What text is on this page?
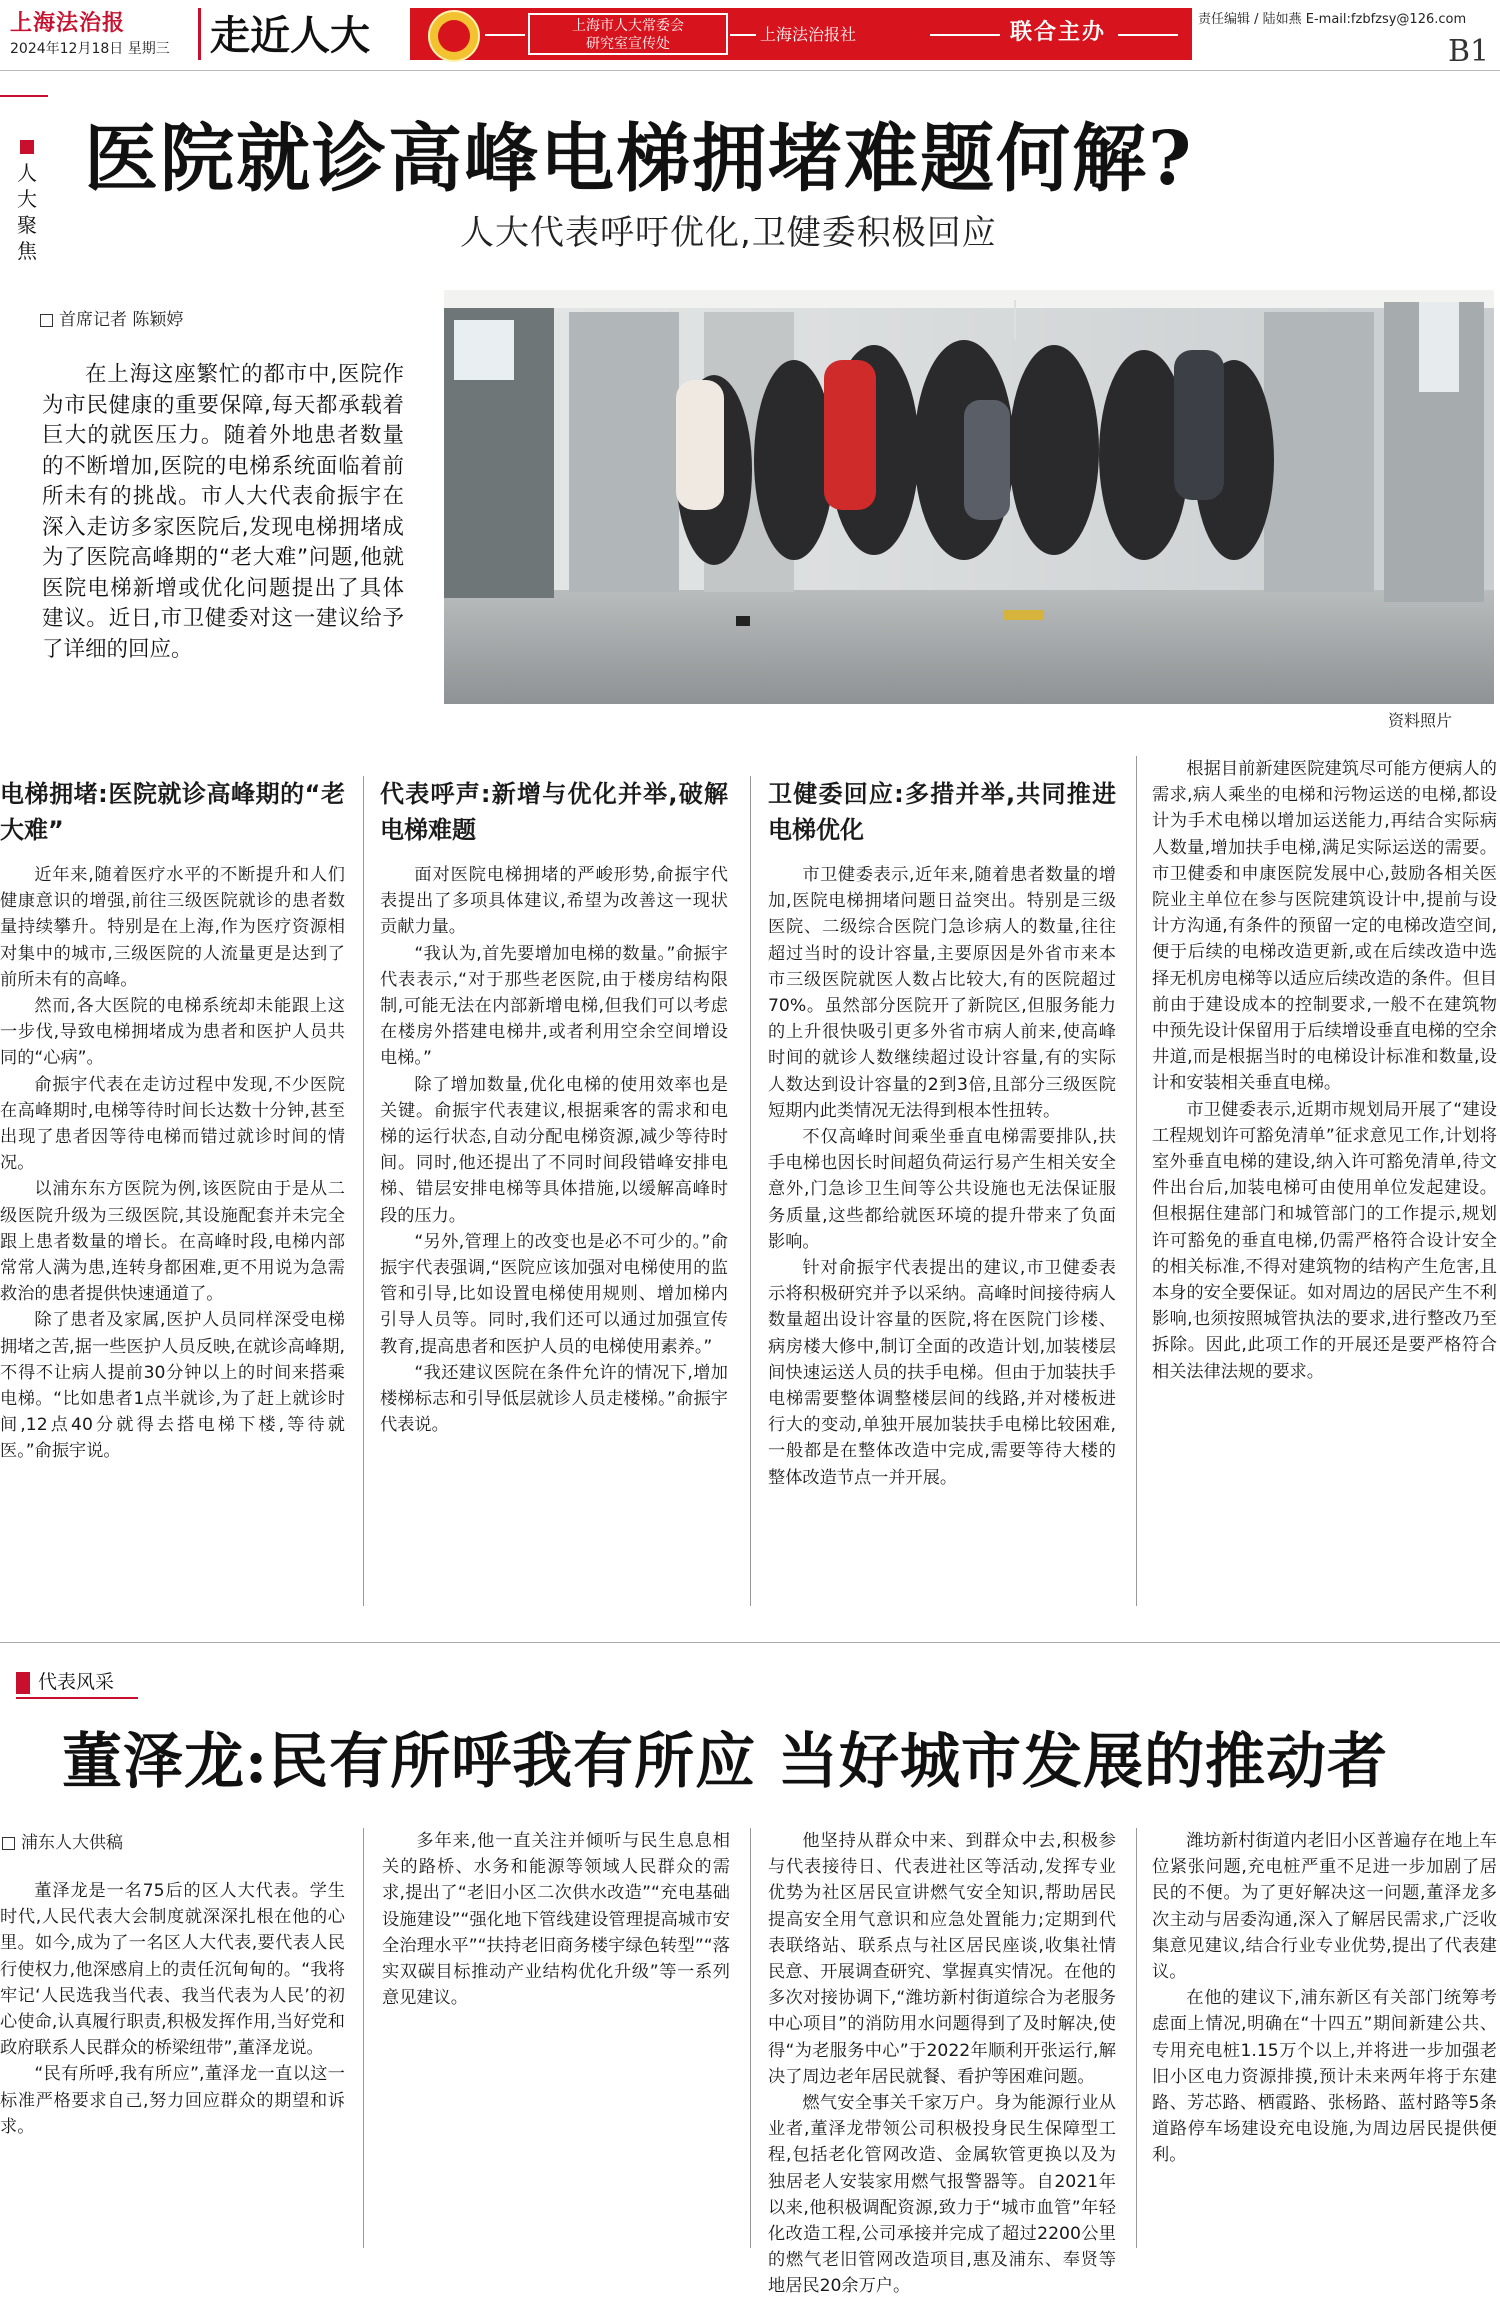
上海法治报
2024年12月18日 星期三 走近人大	上海市人大常委会
研究室宣传处	上海法治报社	联合主办
责任编辑 / 陆如燕 E-mail:fzbfzsy@126.com
B1
人大聚焦
医院就诊高峰电梯拥堵难题何解?
人大代表呼吁优化,卫健委积极回应
首席记者 陈颖婷
在上海这座繁忙的都市中,医院作为市民健康的重要保障,每天都承载着巨大的就医压力。随着外地患者数量的不断增加,医院的电梯系统面临着前所未有的挑战。市人大代表俞振宇在深入走访多家医院后,发现电梯拥堵成为了医院高峰期的“老大难”问题,他就医院电梯新增或优化问题提出了具体建议。近日,市卫健委对这一建议给予了详细的回应。
资料照片
电梯拥堵:医院就诊高峰期的“老大难”

近年来,随着医疗水平的不断提升和人们健康意识的增强,前往三级医院就诊的患者数量持续攀升。特别是在上海,作为医疗资源相对集中的城市,三级医院的人流量更是达到了前所未有的高峰。

然而,各大医院的电梯系统却未能跟上这一步伐,导致电梯拥堵成为患者和医护人员共同的“心病”。

俞振宇代表在走访过程中发现,不少医院在高峰期时,电梯等待时间长达数十分钟,甚至出现了患者因等待电梯而错过就诊时间的情况。

以浦东东方医院为例,该医院由于是从二级医院升级为三级医院,其设施配套并未完全跟上患者数量的增长。在高峰时段,电梯内部常常人满为患,连转身都困难,更不用说为急需救治的患者提供快速通道了。

除了患者及家属,医护人员同样深受电梯拥堵之苦,据一些医护人员反映,在就诊高峰期,不得不让病人提前30分钟以上的时间来搭乘电梯。“比如患者1点半就诊,为了赶上就诊时间,12点40分就得去搭电梯下楼,等待就医。”俞振宇说。

代表呼声:新增与优化并举,破解电梯难题

面对医院电梯拥堵的严峻形势,俞振宇代表提出了多项具体建议,希望为改善这一现状贡献力量。

“我认为,首先要增加电梯的数量。”俞振宇代表表示,“对于那些老医院,由于楼房结构限制,可能无法在内部新增电梯,但我们可以考虑在楼房外搭建电梯井,或者利用空余空间增设电梯。”

除了增加数量,优化电梯的使用效率也是关键。俞振宇代表建议,根据乘客的需求和电梯的运行状态,自动分配电梯资源,减少等待时间。同时,他还提出了不同时间段错峰安排电梯、错层安排电梯等具体措施,以缓解高峰时段的压力。

“另外,管理上的改变也是必不可少的。”俞振宇代表强调,“医院应该加强对电梯使用的监管和引导,比如设置电梯使用规则、增加梯内引导人员等。同时,我们还可以通过加强宣传教育,提高患者和医护人员的电梯使用素养。”

“我还建议医院在条件允许的情况下,增加楼梯标志和引导低层就诊人员走楼梯。”俞振宇代表说。

卫健委回应:多措并举,共同推进电梯优化

市卫健委表示,近年来,随着患者数量的增加,医院电梯拥堵问题日益突出。特别是三级医院、二级综合医院门急诊病人的数量,往往超过当时的设计容量,主要原因是外省市来本市三级医院就医人数占比较大,有的医院超过70%。虽然部分医院开了新院区,但服务能力的上升很快吸引更多外省市病人前来,使高峰时间的就诊人数继续超过设计容量,有的实际人数达到设计容量的2到3倍,且部分三级医院短期内此类情况无法得到根本性扭转。

不仅高峰时间乘坐垂直电梯需要排队,扶手电梯也因长时间超负荷运行易产生相关安全意外,门急诊卫生间等公共设施也无法保证服务质量,这些都给就医环境的提升带来了负面影响。

针对俞振宇代表提出的建议,市卫健委表示将积极研究并予以采纳。高峰时间接待病人数量超出设计容量的医院,将在医院门诊楼、病房楼大修中,制订全面的改造计划,加装楼层间快速运送人员的扶手电梯。但由于加装扶手电梯需要整体调整楼层间的线路,并对楼板进行大的变动,单独开展加装扶手电梯比较困难,一般都是在整体改造中完成,需要等待大楼的整体改造节点一并开展。

根据目前新建医院建筑尽可能方便病人的需求,病人乘坐的电梯和污物运送的电梯,都设计为手术电梯以增加运送能力,再结合实际病人数量,增加扶手电梯,满足实际运送的需要。市卫健委和申康医院发展中心,鼓励各相关医院业主单位在参与医院建筑设计中,提前与设计方沟通,有条件的预留一定的电梯改造空间,便于后续的电梯改造更新,或在后续改造中选择无机房电梯等以适应后续改造的条件。但目前由于建设成本的控制要求,一般不在建筑物中预先设计保留用于后续增设垂直电梯的空余井道,而是根据当时的电梯设计标准和数量,设计和安装相关垂直电梯。

市卫健委表示,近期市规划局开展了“建设工程规划许可豁免清单”征求意见工作,计划将室外垂直电梯的建设,纳入许可豁免清单,待文件出台后,加装电梯可由使用单位发起建设。但根据住建部门和城管部门的工作提示,规划许可豁免的垂直电梯,仍需严格符合设计安全的相关标准,不得对建筑物的结构产生危害,且本身的安全要保证。如对周边的居民产生不利影响,也须按照城管执法的要求,进行整改乃至拆除。因此,此项工作的开展还是要严格符合相关法律法规的要求。

代表风采
董泽龙:民有所呼我有所应 当好城市发展的推动者
浦东人大供稿

董泽龙是一名75后的区人大代表。学生时代,人民代表大会制度就深深扎根在他的心里。如今,成为了一名区人大代表,要代表人民行使权力,他深感肩上的责任沉甸甸的。“我将牢记‘人民选我当代表、我当代表为人民’的初心使命,认真履行职责,积极发挥作用,当好党和政府联系人民群众的桥梁纽带”,董泽龙说。

“民有所呼,我有所应”,董泽龙一直以这一标准严格要求自己,努力回应群众的期望和诉求。

多年来,他一直关注并倾听与民生息息相关的路桥、水务和能源等领域人民群众的需求,提出了“老旧小区二次供水改造”“充电基础设施建设”“强化地下管线建设管理提高城市安全治理水平”“扶持老旧商务楼宇绿色转型”“落实双碳目标推动产业结构优化升级”等一系列意见建议。

他坚持从群众中来、到群众中去,积极参与代表接待日、代表进社区等活动,发挥专业优势为社区居民宣讲燃气安全知识,帮助居民提高安全用气意识和应急处置能力;定期到代表联络站、联系点与社区居民座谈,收集社情民意、开展调查研究、掌握真实情况。在他的多次对接协调下,“潍坊新村街道综合为老服务中心项目”的消防用水问题得到了及时解决,使得“为老服务中心”于2022年顺利开张运行,解决了周边老年居民就餐、看护等困难问题。

燃气安全事关千家万户。身为能源行业从业者,董泽龙带领公司积极投身民生保障型工程,包括老化管网改造、金属软管更换以及为独居老人安装家用燃气报警器等。自2021年以来,他积极调配资源,致力于“城市血管”年轻化改造工程,公司承接并完成了超过2200公里的燃气老旧管网改造项目,惠及浦东、奉贤等地居民20余万户。

潍坊新村街道内老旧小区普遍存在地上车位紧张问题,充电桩严重不足进一步加剧了居民的不便。为了更好解决这一问题,董泽龙多次主动与居委沟通,深入了解居民需求,广泛收集意见建议,结合行业专业优势,提出了代表建议。

在他的建议下,浦东新区有关部门统筹考虑面上情况,明确在“十四五”期间新建公共、专用充电桩1.15万个以上,并将进一步加强老旧小区电力资源排摸,预计未来两年将于东建路、芳芯路、栖霞路、张杨路、蓝村路等5条道路停车场建设充电设施,为周边居民提供便利。
